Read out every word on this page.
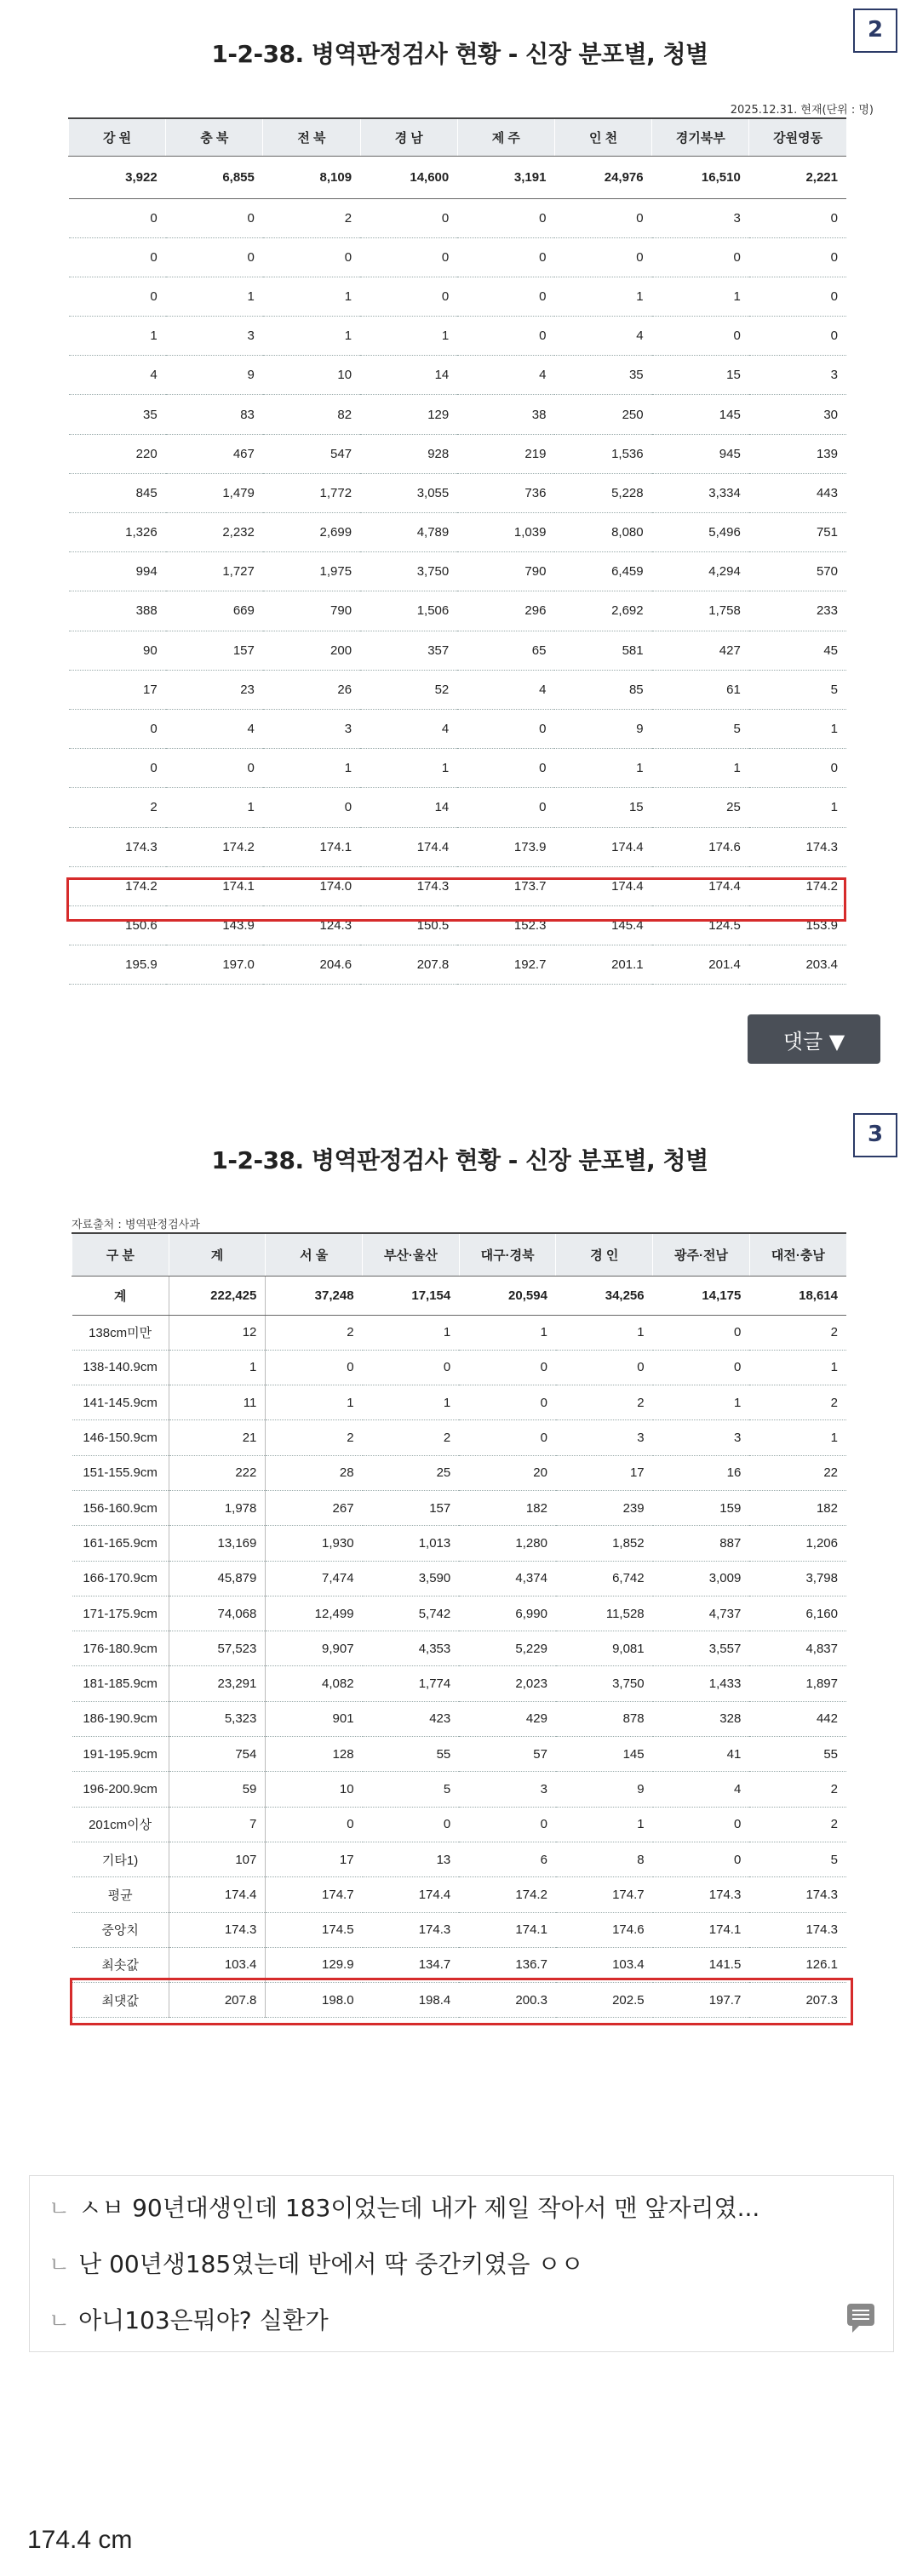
1-2-38. 병역판정검사 현황 - 신장 분포별, 청별
2
2025.12.31. 현재(단위 : 명)
강 원	충 북	전 북	경 남	제 주	인 천	경기북부	강원영동
3,922	6,855	8,109	14,600	3,191	24,976	16,510	2,221
0	0	2	0	0	0	3	0
0	0	0	0	0	0	0	0
0	1	1	0	0	1	1	0
1	3	1	1	0	4	0	0
4	9	10	14	4	35	15	3
35	83	82	129	38	250	145	30
220	467	547	928	219	1,536	945	139
845	1,479	1,772	3,055	736	5,228	3,334	443
1,326	2,232	2,699	4,789	1,039	8,080	5,496	751
994	1,727	1,975	3,750	790	6,459	4,294	570
388	669	790	1,506	296	2,692	1,758	233
90	157	200	357	65	581	427	45
17	23	26	52	4	85	61	5
0	4	3	4	0	9	5	1
0	0	1	1	0	1	1	0
2	1	0	14	0	15	25	1
174.3	174.2	174.1	174.4	173.9	174.4	174.6	174.3
174.2	174.1	174.0	174.3	173.7	174.4	174.4	174.2
150.6	143.9	124.3	150.5	152.3	145.4	124.5	153.9
195.9	197.0	204.6	207.8	192.7	201.1	201.4	203.4
댓글 ▼
1-2-38. 병역판정검사 현황 - 신장 분포별, 청별
3
자료출처 : 병역판정검사과
구 분	계	서 울	부산·울산	대구·경북	경 인	광주·전남	대전·충남
계	222,425	37,248	17,154	20,594	34,256	14,175	18,614
138cm미만	12	2	1	1	1	0	2
138-140.9cm	1	0	0	0	0	0	1
141-145.9cm	11	1	1	0	2	1	2
146-150.9cm	21	2	2	0	3	3	1
151-155.9cm	222	28	25	20	17	16	22
156-160.9cm	1,978	267	157	182	239	159	182
161-165.9cm	13,169	1,930	1,013	1,280	1,852	887	1,206
166-170.9cm	45,879	7,474	3,590	4,374	6,742	3,009	3,798
171-175.9cm	74,068	12,499	5,742	6,990	11,528	4,737	6,160
176-180.9cm	57,523	9,907	4,353	5,229	9,081	3,557	4,837
181-185.9cm	23,291	4,082	1,774	2,023	3,750	1,433	1,897
186-190.9cm	5,323	901	423	429	878	328	442
191-195.9cm	754	128	55	57	145	41	55
196-200.9cm	59	10	5	3	9	4	2
201cm이상	7	0	0	0	1	0	2
기타1)	107	17	13	6	8	0	5
평균	174.4	174.7	174.4	174.2	174.7	174.3	174.3
중앙치	174.3	174.5	174.3	174.1	174.6	174.1	174.3
최솟값	103.4	129.9	134.7	136.7	103.4	141.5	126.1
최댓값	207.8	198.0	198.4	200.3	202.5	197.7	207.3
ㄴ ㅅㅂ 90년대생인데 183이었는데 내가 제일 작아서 맨 앞자리였...
ㄴ 난 00년생185였는데 반에서 딱 중간키였음 ㅇㅇ
ㄴ 아니103은뭐야? 실환가
174.4 cm
